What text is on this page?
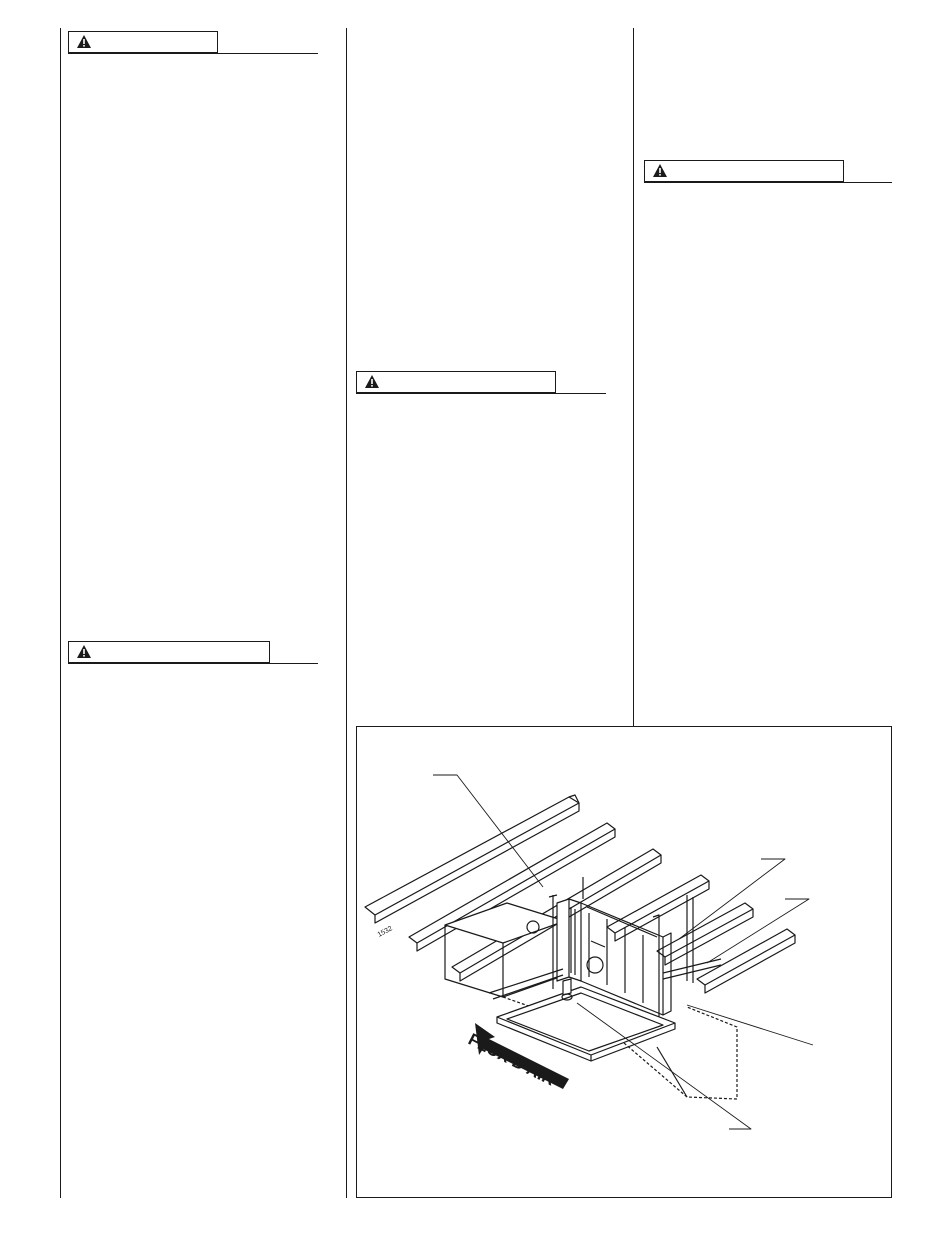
1532
FLUX D'AIR
